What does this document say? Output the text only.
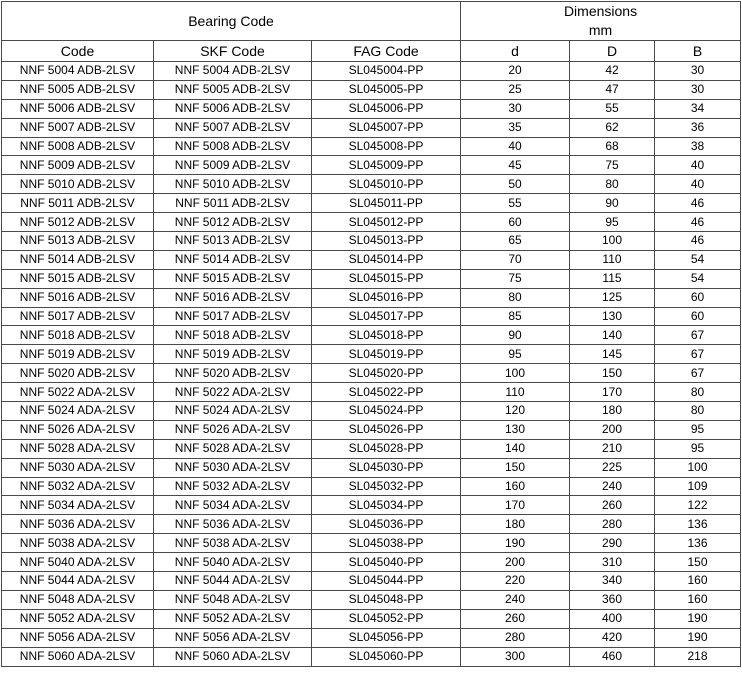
Bearing Code			Dimensions
mm		

Code	SKF Code	FAG Code	d	D	B
NNF 5004 ADB-2LSV	NNF 5004 ADB-2LSV	SL045004-PP	20	42	30
NNF 5005 ADB-2LSV	NNF 5005 ADB-2LSV	SL045005-PP	25	47	30
NNF 5006 ADB-2LSV	NNF 5006 ADB-2LSV	SL045006-PP	30	55	34
NNF 5007 ADB-2LSV	NNF 5007 ADB-2LSV	SL045007-PP	35	62	36
NNF 5008 ADB-2LSV	NNF 5008 ADB-2LSV	SL045008-PP	40	68	38
NNF 5009 ADB-2LSV	NNF 5009 ADB-2LSV	SL045009-PP	45	75	40
NNF 5010 ADB-2LSV	NNF 5010 ADB-2LSV	SL045010-PP	50	80	40
NNF 5011 ADB-2LSV	NNF 5011 ADB-2LSV	SL045011-PP	55	90	46
NNF 5012 ADB-2LSV	NNF 5012 ADB-2LSV	SL045012-PP	60	95	46
NNF 5013 ADB-2LSV	NNF 5013 ADB-2LSV	SL045013-PP	65	100	46
NNF 5014 ADB-2LSV	NNF 5014 ADB-2LSV	SL045014-PP	70	110	54
NNF 5015 ADB-2LSV	NNF 5015 ADB-2LSV	SL045015-PP	75	115	54
NNF 5016 ADB-2LSV	NNF 5016 ADB-2LSV	SL045016-PP	80	125	60
NNF 5017 ADB-2LSV	NNF 5017 ADB-2LSV	SL045017-PP	85	130	60
NNF 5018 ADB-2LSV	NNF 5018 ADB-2LSV	SL045018-PP	90	140	67
NNF 5019 ADB-2LSV	NNF 5019 ADB-2LSV	SL045019-PP	95	145	67
NNF 5020 ADB-2LSV	NNF 5020 ADB-2LSV	SL045020-PP	100	150	67
NNF 5022 ADA-2LSV	NNF 5022 ADA-2LSV	SL045022-PP	110	170	80
NNF 5024 ADA-2LSV	NNF 5024 ADA-2LSV	SL045024-PP	120	180	80
NNF 5026 ADA-2LSV	NNF 5026 ADA-2LSV	SL045026-PP	130	200	95
NNF 5028 ADA-2LSV	NNF 5028 ADA-2LSV	SL045028-PP	140	210	95
NNF 5030 ADA-2LSV	NNF 5030 ADA-2LSV	SL045030-PP	150	225	100
NNF 5032 ADA-2LSV	NNF 5032 ADA-2LSV	SL045032-PP	160	240	109
NNF 5034 ADA-2LSV	NNF 5034 ADA-2LSV	SL045034-PP	170	260	122
NNF 5036 ADA-2LSV	NNF 5036 ADA-2LSV	SL045036-PP	180	280	136
NNF 5038 ADA-2LSV	NNF 5038 ADA-2LSV	SL045038-PP	190	290	136
NNF 5040 ADA-2LSV	NNF 5040 ADA-2LSV	SL045040-PP	200	310	150
NNF 5044 ADA-2LSV	NNF 5044 ADA-2LSV	SL045044-PP	220	340	160
NNF 5048 ADA-2LSV	NNF 5048 ADA-2LSV	SL045048-PP	240	360	160
NNF 5052 ADA-2LSV	NNF 5052 ADA-2LSV	SL045052-PP	260	400	190
NNF 5056 ADA-2LSV	NNF 5056 ADA-2LSV	SL045056-PP	280	420	190
NNF 5060 ADA-2LSV	NNF 5060 ADA-2LSV	SL045060-PP	300	460	218
